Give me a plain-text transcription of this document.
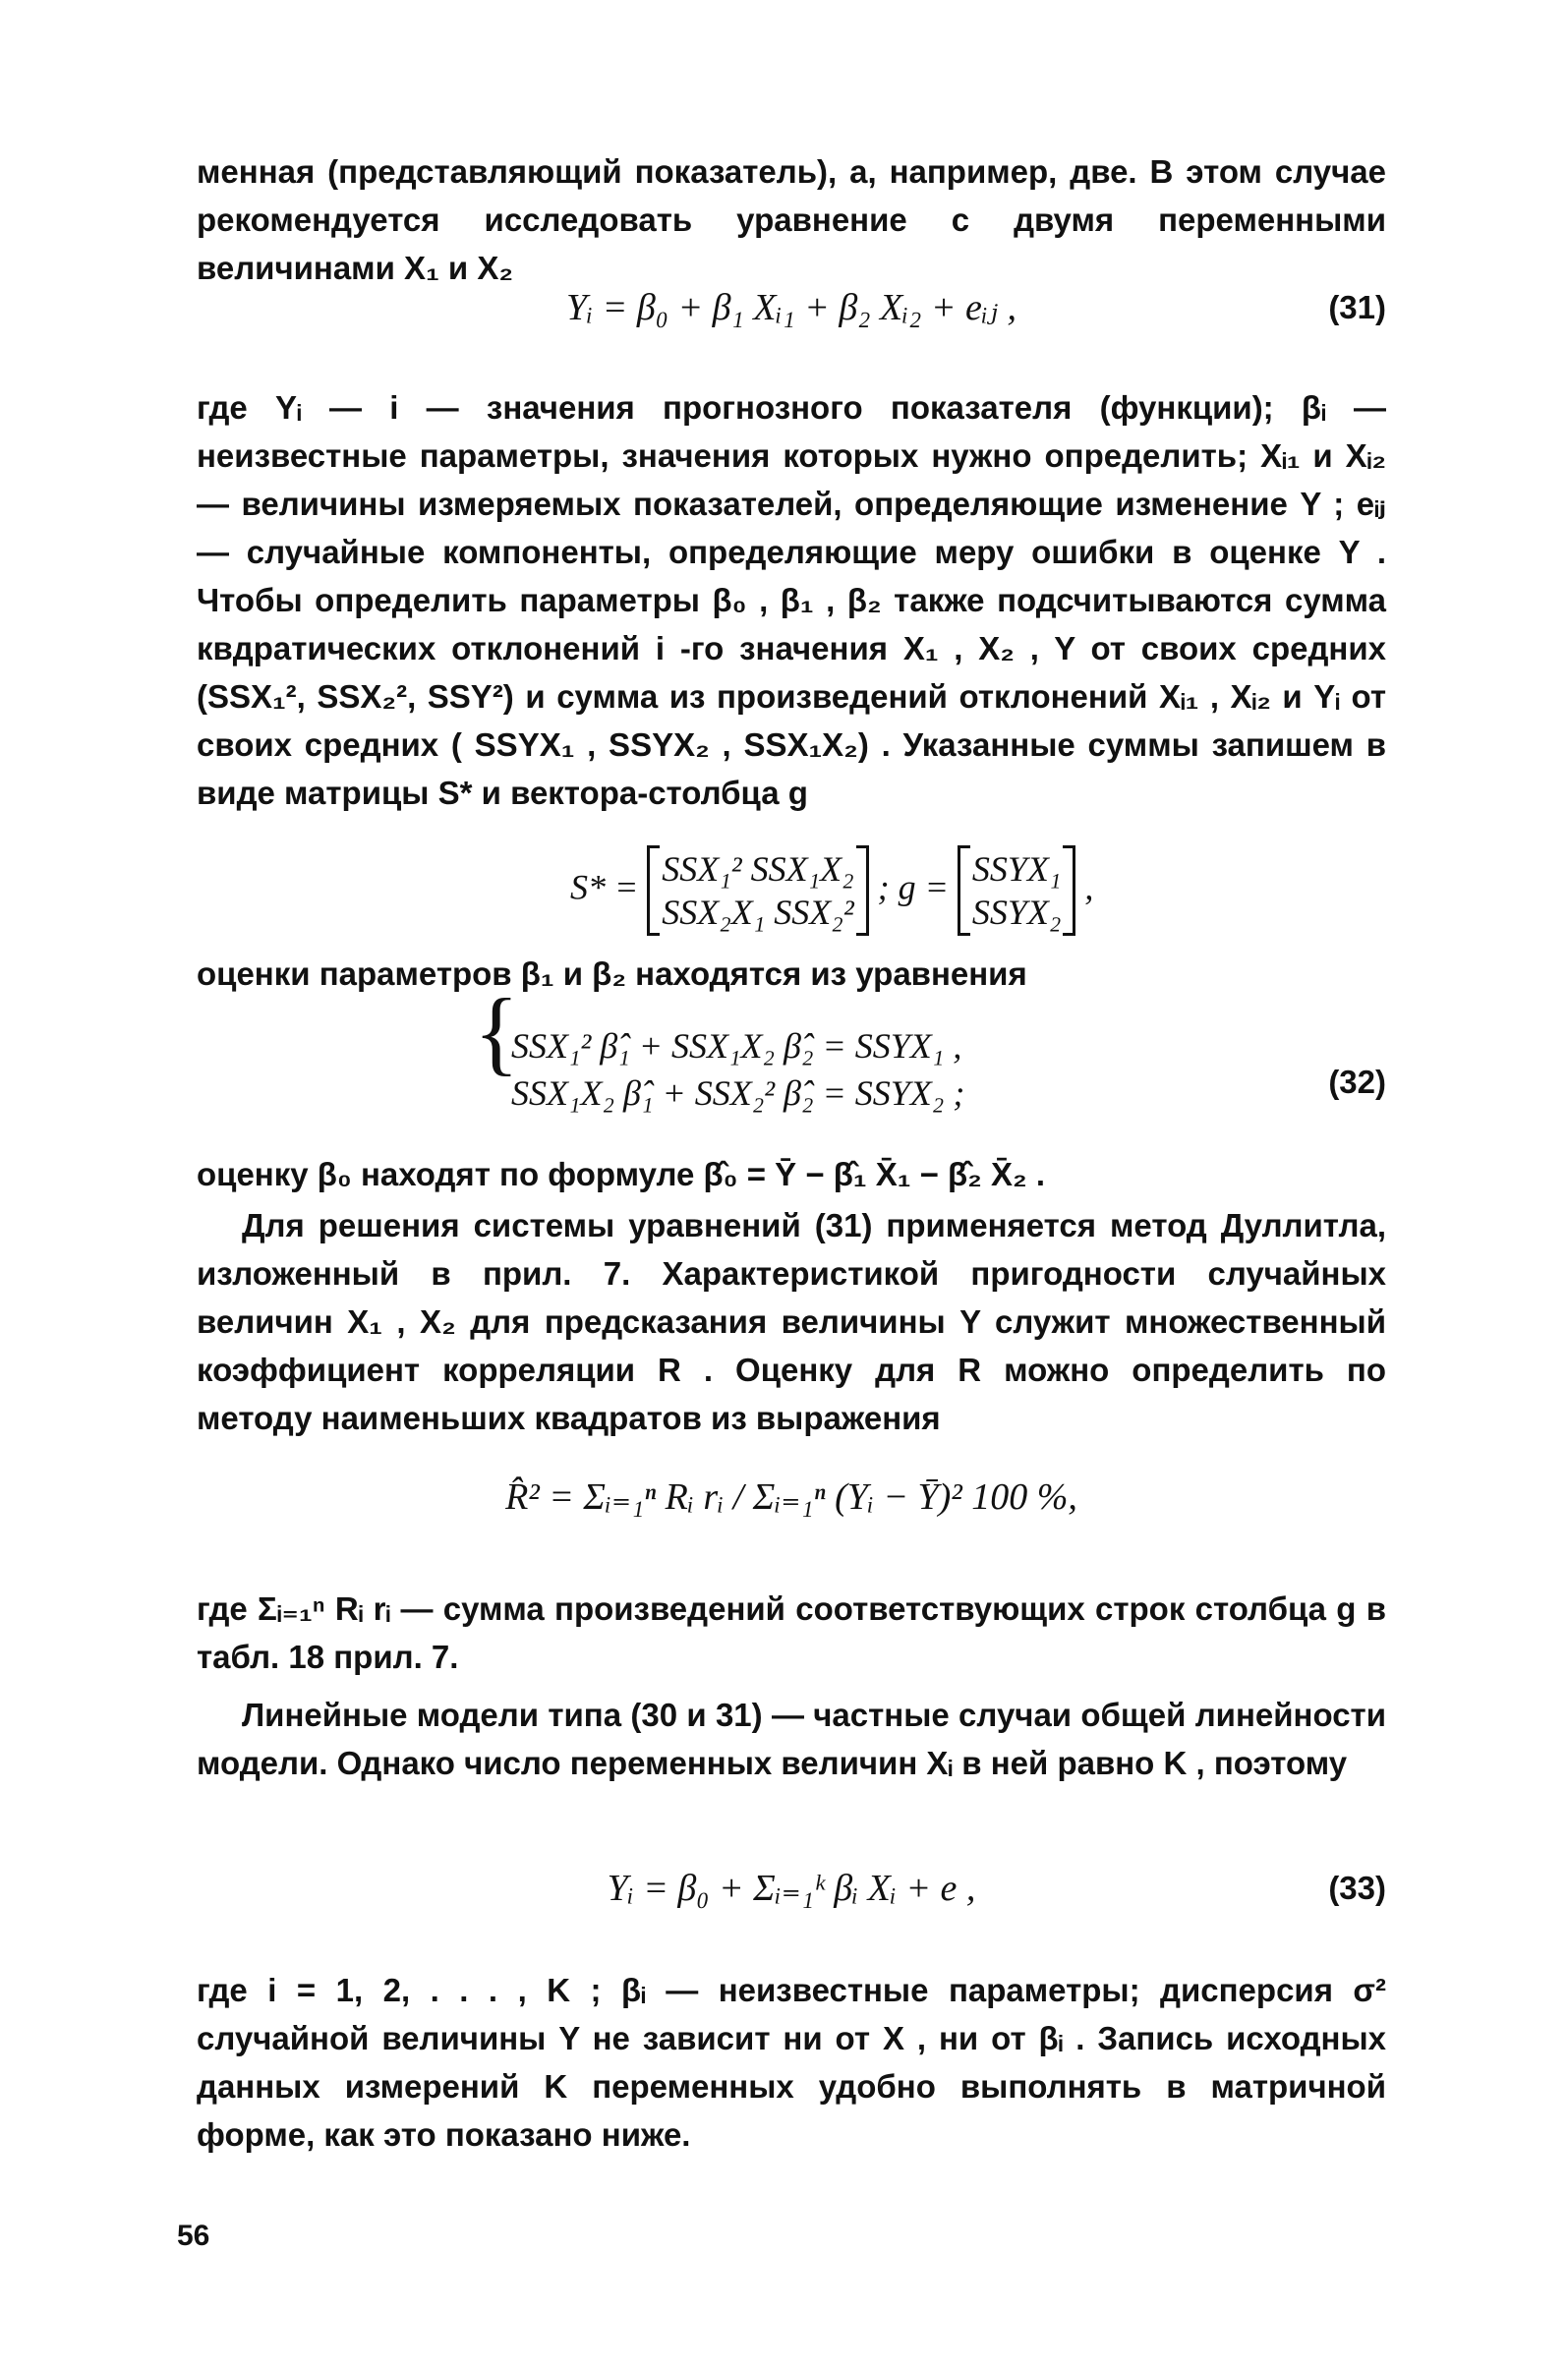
менная (представляющий показатель), а, например, две. В этом случае рекомендуется исследовать уравнение с двумя переменными величинами X₁ и X₂

Yᵢ = β₀ + β₁ Xᵢ₁ + β₂ Xᵢ₂ + eᵢⱼ ,	(31)

где Yᵢ — i — значения прогнозного показателя (функции); βᵢ — неизвестные параметры, значения которых нужно определить; Xᵢ₁ и Xᵢ₂ — величины измеряемых показателей, определяющие изменение Y ; eᵢⱼ — случайные компоненты, определяющие меру ошибки в оценке Y . Чтобы определить параметры β₀ , β₁ , β₂ также подсчитываются сумма квдратических отклонений i -го значения X₁ , X₂ , Y от своих средних (SSX₁², SSX₂², SSY²) и сумма из произведений отклонений Xᵢ₁ , Xᵢ₂ и Yᵢ от своих средних ( SSYX₁ , SSYX₂ , SSX₁X₂) . Указанные суммы запишем в виде матрицы S* и вектора-столбца g

S* = SSX₁² SSX₁X₂
SSX₂X₁ SSX₂²
; g = SSYX₁
SSYX₂
,

оценки параметров β₁ и β₂ находятся из уравнения

{
SSX₁² β̂₁ + SSX₁X₂ β̂₂ = SSYX₁ ,
SSX₁X₂ β̂₁ + SSX₂² β̂₂ = SSYX₂ ;	(32)

оценку β₀ находят по формуле β̂₀ = Ȳ − β̂₁ X̄₁ − β̂₂ X̄₂ .

Для решения системы уравнений (31) применяется метод Дуллитла, изложенный в прил. 7. Характеристикой пригодности случайных величин X₁ , X₂ для предсказания величины Y служит множественный коэффициент корреляции R . Оценку для R можно определить по методу наименьших квадратов из выражения

R̂² = Σᵢ₌₁ⁿ Rᵢ rᵢ / Σᵢ₌₁ⁿ (Yᵢ − Ȳ)² 100 %,

где Σᵢ₌₁ⁿ Rᵢ rᵢ — сумма произведений соответствующих строк столбца g в табл. 18 прил. 7.

Линейные модели типа (30 и 31) — частные случаи общей линейности модели. Однако число переменных величин Xᵢ в ней равно K , поэтому

Yᵢ = β₀ + Σᵢ₌₁ᵏ βᵢ Xᵢ + e ,	(33)

где i = 1, 2, . . . , K ; βᵢ — неизвестные параметры; дисперсия σ² случайной величины Y не зависит ни от X , ни от βᵢ . Запись исходных данных измерений K переменных удобно выполнять в матричной форме, как это показано ниже.

56
